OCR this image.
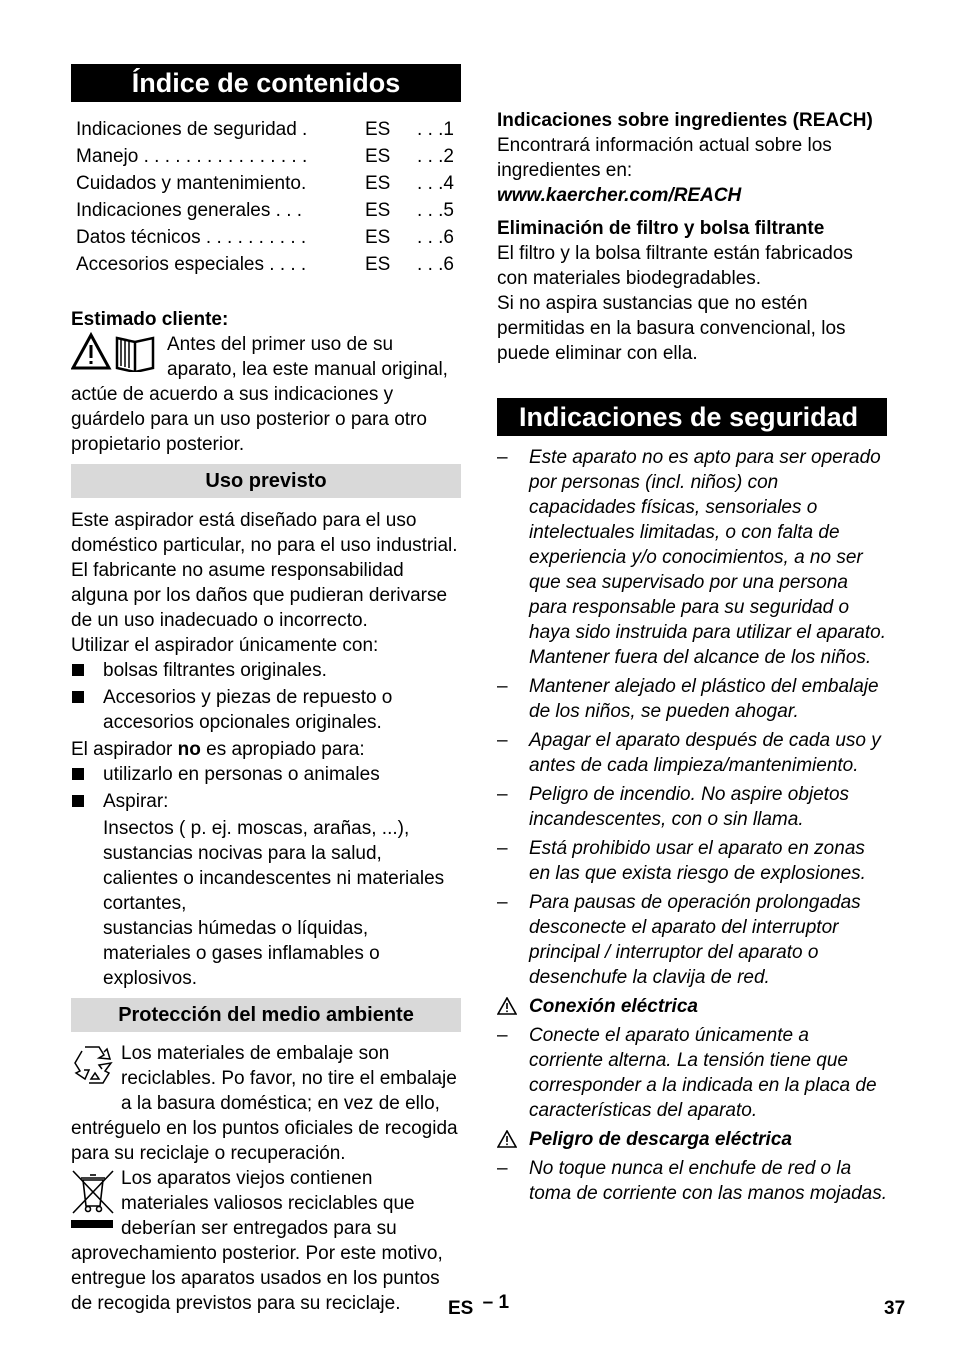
Índice de contenidos
Indicaciones de seguridad .	ES	. . .1
Manejo . . . . . . . . . . . . . . . .	ES	. . .2
Cuidados y mantenimiento.	ES	. . .4
Indicaciones generales . . .	ES	. . .5
Datos técnicos . . . . . . . . . .	ES	. . .6
Accesorios especiales . . . .	ES	. . .6

Estimado cliente:

Antes del primer uso de su aparato, lea este manual original, actúe de acuerdo a sus indicaciones y guárdelo para un uso posterior o para otro propietario posterior.

Uso previsto

Este aspirador está diseñado para el uso doméstico particular, no para el uso industrial.

El fabricante no asume responsabilidad alguna por los daños que pudieran derivarse de un uso inadecuado o incorrecto.

Utilizar el aspirador únicamente con:

bolsas filtrantes originales.

Accesorios y piezas de repuesto o accesorios opcionales originales.

El aspirador no es apropiado para:

utilizarlo en personas o animales

Aspirar:

Insectos ( p. ej. moscas, arañas, ...), sustancias nocivas para la salud, calientes o incandescentes ni materiales cortantes,

sustancias húmedas o líquidas, materiales o gases inflamables o explosivos.

Protección del medio ambiente

Los materiales de embalaje son reciclables. Po favor, no tire el embalaje a la basura doméstica; en vez de ello, entréguelo en los puntos oficiales de recogida para su reciclaje o recuperación.

Los aparatos viejos contienen materiales valiosos reciclables que deberían ser entregados para su aprovechamiento posterior. Por este motivo, entregue los aparatos usados en los puntos de recogida previstos para su reciclaje.

Indicaciones sobre ingredientes (REACH)

Encontrará información actual sobre los ingredientes en:

www.kaercher.com/REACH

Eliminación de filtro y bolsa filtrante

El filtro y la bolsa filtrante están fabricados con materiales biodegradables.

Si no aspira sustancias que no estén permitidas en la basura convencional, los puede eliminar con ella.

Indicaciones de seguridad

– Este aparato no es apto para ser operado por personas (incl. niños) con capacidades físicas, sensoriales o intelectuales limitadas, o con falta de experiencia y/o conocimientos, a no ser que sea supervisado por una persona para responsable para su seguridad o haya sido instruida para utilizar el aparato. Mantener fuera del alcance de los niños.

– Mantener alejado el plástico del embalaje de los niños, se pueden ahogar.

– Apagar el aparato después de cada uso y antes de cada limpieza/mantenimiento.

– Peligro de incendio. No aspire objetos incandescentes, con o sin llama.

– Está prohibido usar el aparato en zonas en las que exista riesgo de explosiones.

– Para pausas de operación prolongadas desconecte el aparato del interruptor principal / interruptor del aparato o desenchufe la clavija de red.

Conexión eléctrica

– Conecte el aparato únicamente a corriente alterna. La tensión tiene que corresponder a la indicada en la placa de características del aparato.

Peligro de descarga eléctrica

– No toque nunca el enchufe de red o la toma de corriente con las manos mojadas.

ES – 1	37
